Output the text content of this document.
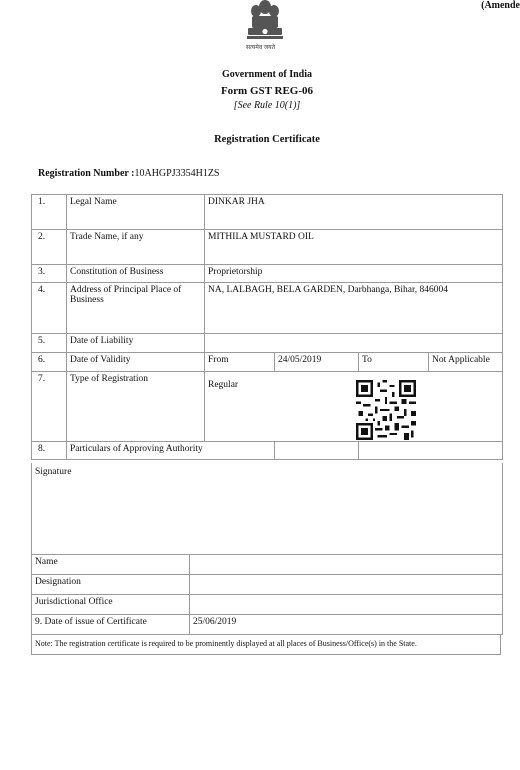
(Amende
सत्यमेव जयते
Government of India
Form GST REG-06
[See Rule 10(1)]
Registration Certificate
Registration Number :10AHGPJ3354H1ZS
1.	Legal Name	DINKAR JHA			
2.	Trade Name, if any	MITHILA MUSTARD OIL			
3.	Constitution of Business	Proprietorship			
4.	Address of Principal Place of Business	NA, LALBAGH, BELA GARDEN, Darbhanga, Bihar, 846004			
5.	Date of Liability				
6.	Date of Validity	From	24/05/2019	To	Not Applicable
7.	Type of Registration	Regular			

8.	Particulars of Approving Authority				
Signature
Name	
Designation	
Jurisdictional Office	
9. Date of issue of Certificate	25/06/2019
Note: The registration certificate is required to be prominently displayed at all places of Business/Office(s) in the State.
